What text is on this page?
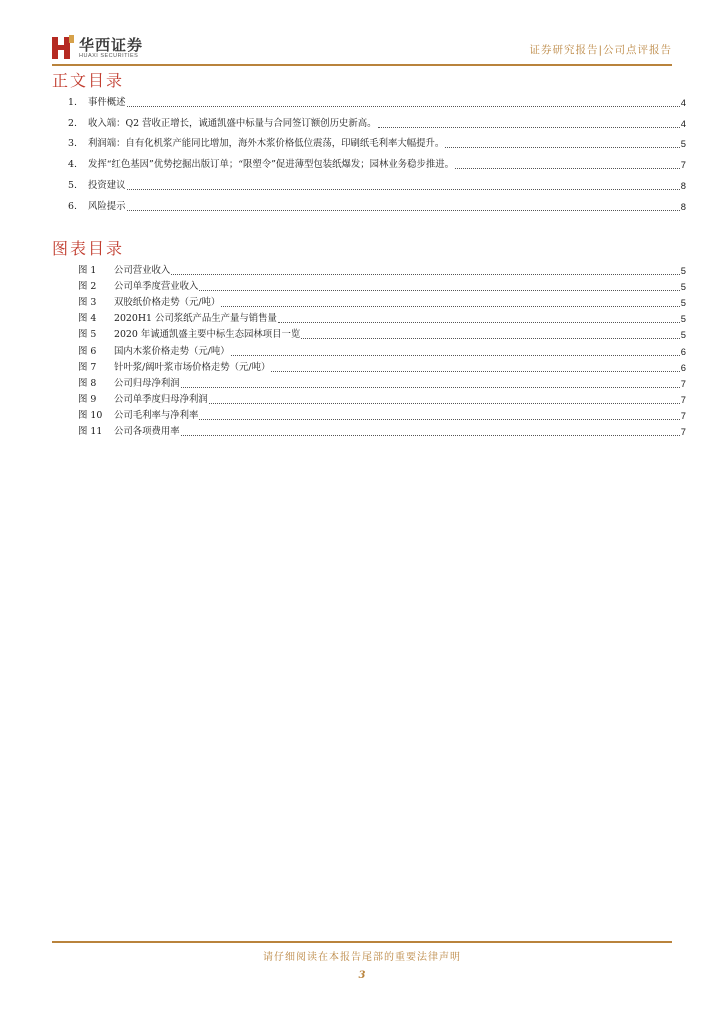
华西证券
HUAXI SECURITIES	证券研究报告|公司点评报告
正文目录
1.	事件概述	4
2.	收入端：Q2 营收正增长，诚通凯盛中标量与合同签订额创历史新高。	4
3.	利润端：自有化机浆产能同比增加，海外木浆价格低位震荡，印刷纸毛利率大幅提升。	5
4.	发挥“红色基因”优势挖掘出版订单；“限塑令”促进薄型包装纸爆发；园林业务稳步推进。	7
5.	投资建议	8
6.	风险提示	8
图表目录
图 1	公司营业收入	5
图 2	公司单季度营业收入	5
图 3	双胶纸价格走势（元/吨）	5
图 4	2020H1 公司浆纸产品生产量与销售量	5
图 5	2020 年诚通凯盛主要中标生态园林项目一览	5
图 6	国内木浆价格走势（元/吨）	6
图 7	针叶浆/阔叶浆市场价格走势（元/吨）	6
图 8	公司归母净利润	7
图 9	公司单季度归母净利润	7
图 10	公司毛利率与净利率	7
图 11	公司各项费用率	7
请仔细阅读在本报告尾部的重要法律声明
3
